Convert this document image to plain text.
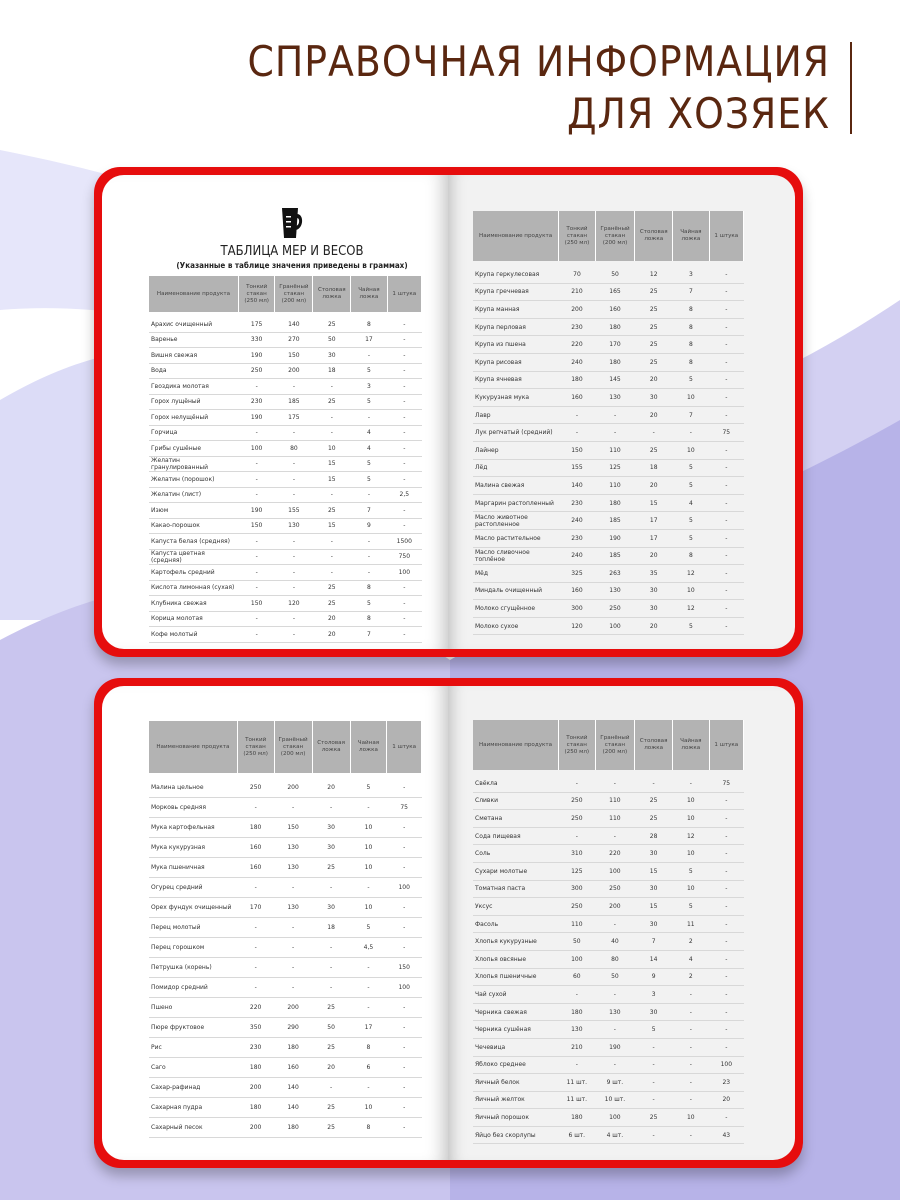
СПРАВОЧНАЯ ИНФОРМАЦИЯ
ДЛЯ ХОЗЯЕК
ТАБЛИЦА МЕР И ВЕСОВ
(Указанные в таблице значения приведены в граммах)
Наименование продукта	Тонкий стакан (250 мл)	Гранёный стакан (200 мл)	Столовая ложка	Чайная ложка	1 штука

Арахис очищенный	175	140	25	8	-
Варенье	330	270	50	17	-
Вишня свежая	190	150	30	-	-
Вода	250	200	18	5	-
Гвоздика молотая	-	-	-	3	-
Горох лущёный	230	185	25	5	-
Горох нелущёный	190	175	-	-	-
Горчица	-	-	-	4	-
Грибы сушёные	100	80	10	4	-
Желатин гранулированный	-	-	15	5	-
Желатин (порошок)	-	-	15	5	-
Желатин (лист)	-	-	-	-	2,5
Изюм	190	155	25	7	-
Какао-порошок	150	130	15	9	-
Капуста белая (средняя)	-	-	-	-	1500
Капуста цветная (средняя)	-	-	-	-	750
Картофель средний	-	-	-	-	100
Кислота лимонная (сухая)	-	-	25	8	-
Клубника свежая	150	120	25	5	-
Корица молотая	-	-	20	8	-
Кофе молотый	-	-	20	7	-
Наименование продукта	Тонкий стакан (250 мл)	Гранёный стакан (200 мл)	Столовая ложка	Чайная ложка	1 штука

Крупа геркулесовая	70	50	12	3	-
Крупа гречневая	210	165	25	7	-
Крупа манная	200	160	25	8	-
Крупа перловая	230	180	25	8	-
Крупа из пшена	220	170	25	8	-
Крупа рисовая	240	180	25	8	-
Крупа ячневая	180	145	20	5	-
Кукурузная мука	160	130	30	10	-
Лавр	-	-	20	7	-
Лук репчатый (средний)	-	-	-	-	75
Лайнер	150	110	25	10	-
Лёд	155	125	18	5	-
Малина свежая	140	110	20	5	-
Маргарин растопленный	230	180	15	4	-
Масло животное растопленное	240	185	17	5	-
Масло растительное	230	190	17	5	-
Масло сливочное топлёное	240	185	20	8	-
Мёд	325	263	35	12	-
Миндаль очищенный	160	130	30	10	-
Молоко сгущённое	300	250	30	12	-
Молоко сухое	120	100	20	5	-
Наименование продукта	Тонкий стакан (250 мл)	Гранёный стакан (200 мл)	Столовая ложка	Чайная ложка	1 штука

Малина цельное	250	200	20	5	-
Морковь средняя	-	-	-	-	75
Мука картофельная	180	150	30	10	-
Мука кукурузная	160	130	30	10	-
Мука пшеничная	160	130	25	10	-
Огурец средний	-	-	-	-	100
Орех фундук очищенный	170	130	30	10	-
Перец молотый	-	-	18	5	-
Перец горошком	-	-	-	4,5	-
Петрушка (корень)	-	-	-	-	150
Помидор средний	-	-	-	-	100
Пшено	220	200	25	-	-
Пюре фруктовое	350	290	50	17	-
Рис	230	180	25	8	-
Саго	180	160	20	6	-
Сахар-рафинад	200	140	-	-	-
Сахарная пудра	180	140	25	10	-
Сахарный песок	200	180	25	8	-
Наименование продукта	Тонкий стакан (250 мл)	Гранёный стакан (200 мл)	Столовая ложка	Чайная ложка	1 штука

Свёкла	-	-	-	-	75
Сливки	250	110	25	10	-
Сметана	250	110	25	10	-
Сода пищевая	-	-	28	12	-
Соль	310	220	30	10	-
Сухари молотые	125	100	15	5	-
Томатная паста	300	250	30	10	-
Уксус	250	200	15	5	-
Фасоль	110	-	30	11	-
Хлопья кукурузные	50	40	7	2	-
Хлопья овсяные	100	80	14	4	-
Хлопья пшеничные	60	50	9	2	-
Чай сухой	-	-	3	-	-
Черника свежая	180	130	30	-	-
Черника сушёная	130	-	5	-	-
Чечевица	210	190	-	-	-
Яблоко среднее	-	-	-	-	100
Яичный белок	11 шт.	9 шт.	-	-	23
Яичный желток	11 шт.	10 шт.	-	-	20
Яичный порошок	180	100	25	10	-
Яйцо без скорлупы	6 шт.	4 шт.	-	-	43
